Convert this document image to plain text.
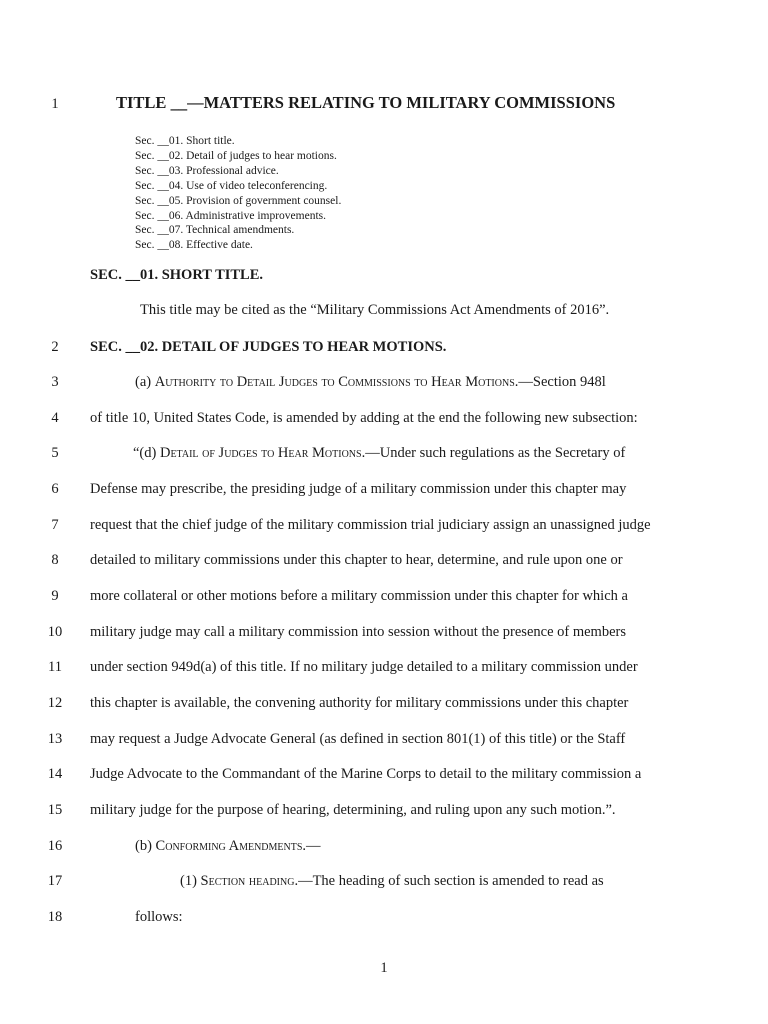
1
2
3
4
5
6
7
8
9
10
11
12
13
14
15
16
17
18
TITLE __—MATTERS RELATING TO MILITARY COMMISSIONS
Sec. __01. Short title.
Sec. __02. Detail of judges to hear motions.
Sec. __03. Professional advice.
Sec. __04. Use of video teleconferencing.
Sec. __05. Provision of government counsel.
Sec. __06. Administrative improvements.
Sec. __07. Technical amendments.
Sec. __08. Effective date.
SEC. __01. SHORT TITLE.
This title may be cited as the “Military Commissions Act Amendments of 2016”.
SEC. __02. DETAIL OF JUDGES TO HEAR MOTIONS.
(a) Authority to Detail Judges to Commissions to Hear Motions.—Section 948l
of title 10, United States Code, is amended by adding at the end the following new subsection:
“(d) Detail of Judges to Hear Motions.—Under such regulations as the Secretary of
Defense may prescribe, the presiding judge of a military commission under this chapter may
request that the chief judge of the military commission trial judiciary assign an unassigned judge
detailed to military commissions under this chapter to hear, determine, and rule upon one or
more collateral or other motions before a military commission under this chapter for which a
military judge may call a military commission into session without the presence of members
under section 949d(a) of this title. If no military judge detailed to a military commission under
this chapter is available, the convening authority for military commissions under this chapter
may request a Judge Advocate General (as defined in section 801(1) of this title) or the Staff
Judge Advocate to the Commandant of the Marine Corps to detail to the military commission a
military judge for the purpose of hearing, determining, and ruling upon any such motion.”.
(b) Conforming Amendments.—
(1) Section heading.—The heading of such section is amended to read as
follows:
1
